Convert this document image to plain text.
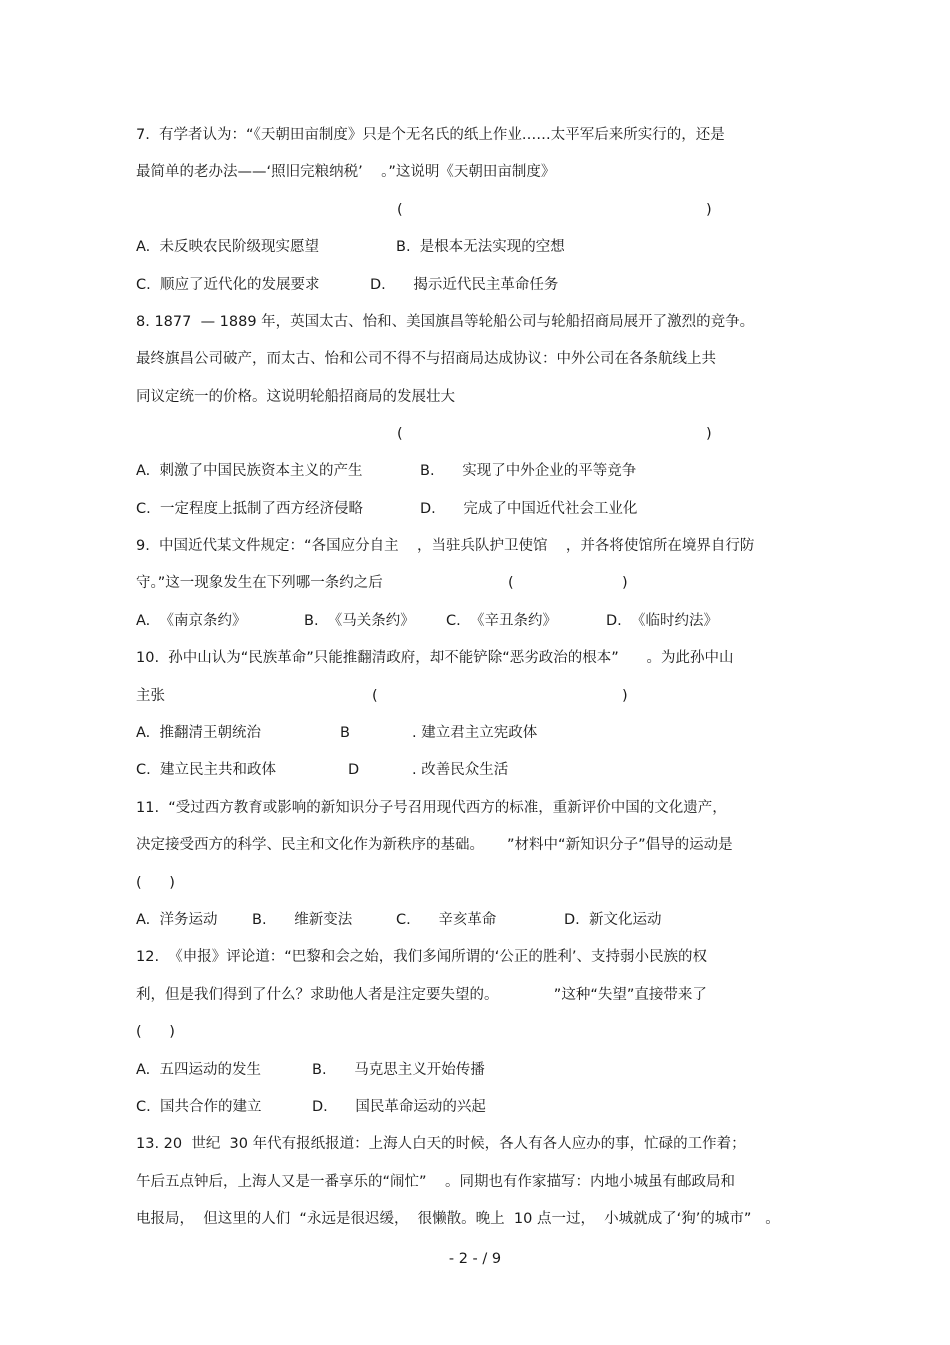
7.  有学者认为：“《天朝田亩制度》只是个无名氏的纸上作业……太平军后来所实行的，还是
最简单的老办法——‘照旧完粮纳税’    。”这说明《天朝田亩制度》
(	)
A.  未反映农民阶级现实愿望	B.  是根本无法实现的空想
C.  顺应了近代化的发展要求	D.      揭示近代民主革命任务
8. 1877  — 1889 年，英国太古、怡和、美国旗昌等轮船公司与轮船招商局展开了激烈的竞争。
最终旗昌公司破产，而太古、怡和公司不得不与招商局达成协议：中外公司在各条航线上共
同议定统一的价格。这说明轮船招商局的发展壮大
(	)
A.  刺激了中国民族资本主义的产生	B.      实现了中外企业的平等竞争
C.  一定程度上抵制了西方经济侵略	D.      完成了中国近代社会工业化
9.  中国近代某文件规定：“各国应分自主    ，当驻兵队护卫使馆    ，并各将使馆所在境界自行防
守。”这一现象发生在下列哪一条约之后	(	)
A.  《南京条约》	B.  《马关条约》 C.  《辛丑条约》	D.  《临时约法》
10.  孙中山认为“民族革命”只能推翻清政府，却不能铲除“恶劣政治的根本”      。为此孙中山
主张	(	)
A.  推翻清王朝统治	B	. 建立君主立宪政体
C.  建立民主共和政体	D	. 改善民众生活
11.  “受过西方教育或影响的新知识分子号召用现代西方的标准，重新评价中国的文化遗产，
决定接受西方的科学、民主和文化作为新秩序的基础。     ”材料中“新知识分子”倡导的运动是
(      )
A.  洋务运动 B.      维新变法	C.      辛亥革命	D.  新文化运动
12.  《申报》评论道：“巴黎和会之始，我们多闻所谓的‘公正的胜利’、支持弱小民族的权
利，但是我们得到了什么？求助他人者是注定要失望的。            ”这种“失望”直接带来了
(      )
A.  五四运动的发生	B.      马克思主义开始传播
C.  国共合作的建立	D.      国民革命运动的兴起
13. 20  世纪  30 年代有报纸报道：上海人白天的时候，各人有各人应办的事，忙碌的工作着；
午后五点钟后，上海人又是一番享乐的“闹忙”    。同期也有作家描写：内地小城虽有邮政局和
电报局，  但这里的人们  “永远是很迟缓，  很懒散。晚上  10 点一过，  小城就成了‘狗’的城市”   。
- 2 - / 9
